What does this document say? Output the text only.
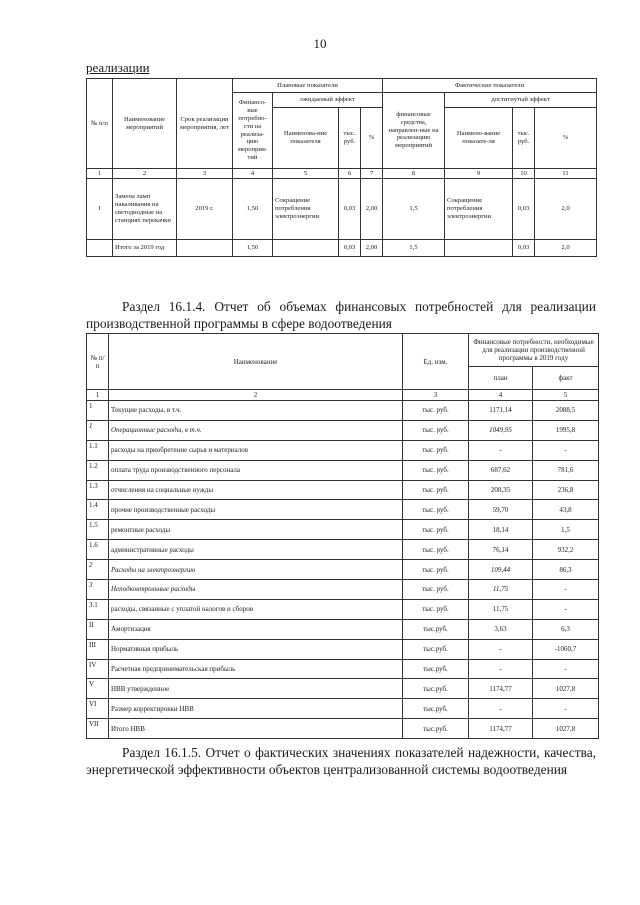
10
реализации
№ п/п	Наименование мероприятий	Срок реализации мероприятия, лет	Плановые показатели				Фактические показатели			
			Финансо-вые потребно-сти на реализа-цию мероприя-тий	ожидаемый эффект			финансовые средства, направлен-ные на реализацию мероприятий	достигнутый эффект		
				Наименова-ние показателя	тыс. руб.	%		Наимено-вание показате-ля	тыс. руб.	%
1	2	3	4	5	6	7	8	9	10	11
1	Замена ламп накаливания на светодиодные на станциях перекачки	2019 г.	1,50	Сокращение потребления электроэнергии	0,03	2,00	1,5	Сокращение потребления электроэнергии	0,03	2,0
	Итого за 2019 год		1,50		0,03	2,00	1,5		0,03	2,0
Раздел 16.1.4. Отчет об объемах финансовых потребностей для реализации производственной программы в сфере водоотведения
№ п/п	Наименование	Ед. изм.	Финансовые потребности, необходимые для реализации производственной программы в 2019 году	
			план	факт
1	2	3	4	5
1	Текущие расходы, в т.ч.	тыс. руб.	1171,14	2088,5
1	Операционные расходы, в т.ч.	тыс. руб.	1049,95	1995,8
1.1	расходы на приобретение сырья и материалов	тыс. руб.	-	-
1.2	оплата труда производственного персонала	тыс. руб.	687,62	781,6
1.3	отчисления на социальные нужды	тыс. руб.	208,35	236,8
1.4	прочие производственные расходы	тыс. руб.	59,70	43,8
1.5	ремонтные расходы	тыс. руб.	18,14	1,5
1.6	административные расходы	тыс. руб.	76,14	932,2
2	Расходы на электроэнергию	тыс. руб.	109,44	86,3
3	Неподконтрольные расходы	тыс. руб.	11,75	-
3.1	расходы, связанные с уплатой налогов и сборов	тыс. руб.	11,75	-
II	Амортизация	тыс.руб.	3,63	6,3
III	Нормативная прибыль	тыс.руб.	-	-1060,7
IV	Расчетная предпринимательская прибыль	тыс.руб.	-	-
V	НВВ утвержденное	тыс.руб.	1174,77	1027,8
VI	Размер корректировки НВВ	тыс.руб.	-	-
VII	Итого НВВ	тыс.руб.	1174,77	1027,8
Раздел 16.1.5. Отчет о фактических значениях показателей надежности, качества, энергетической эффективности объектов централизованной системы водоотведения
